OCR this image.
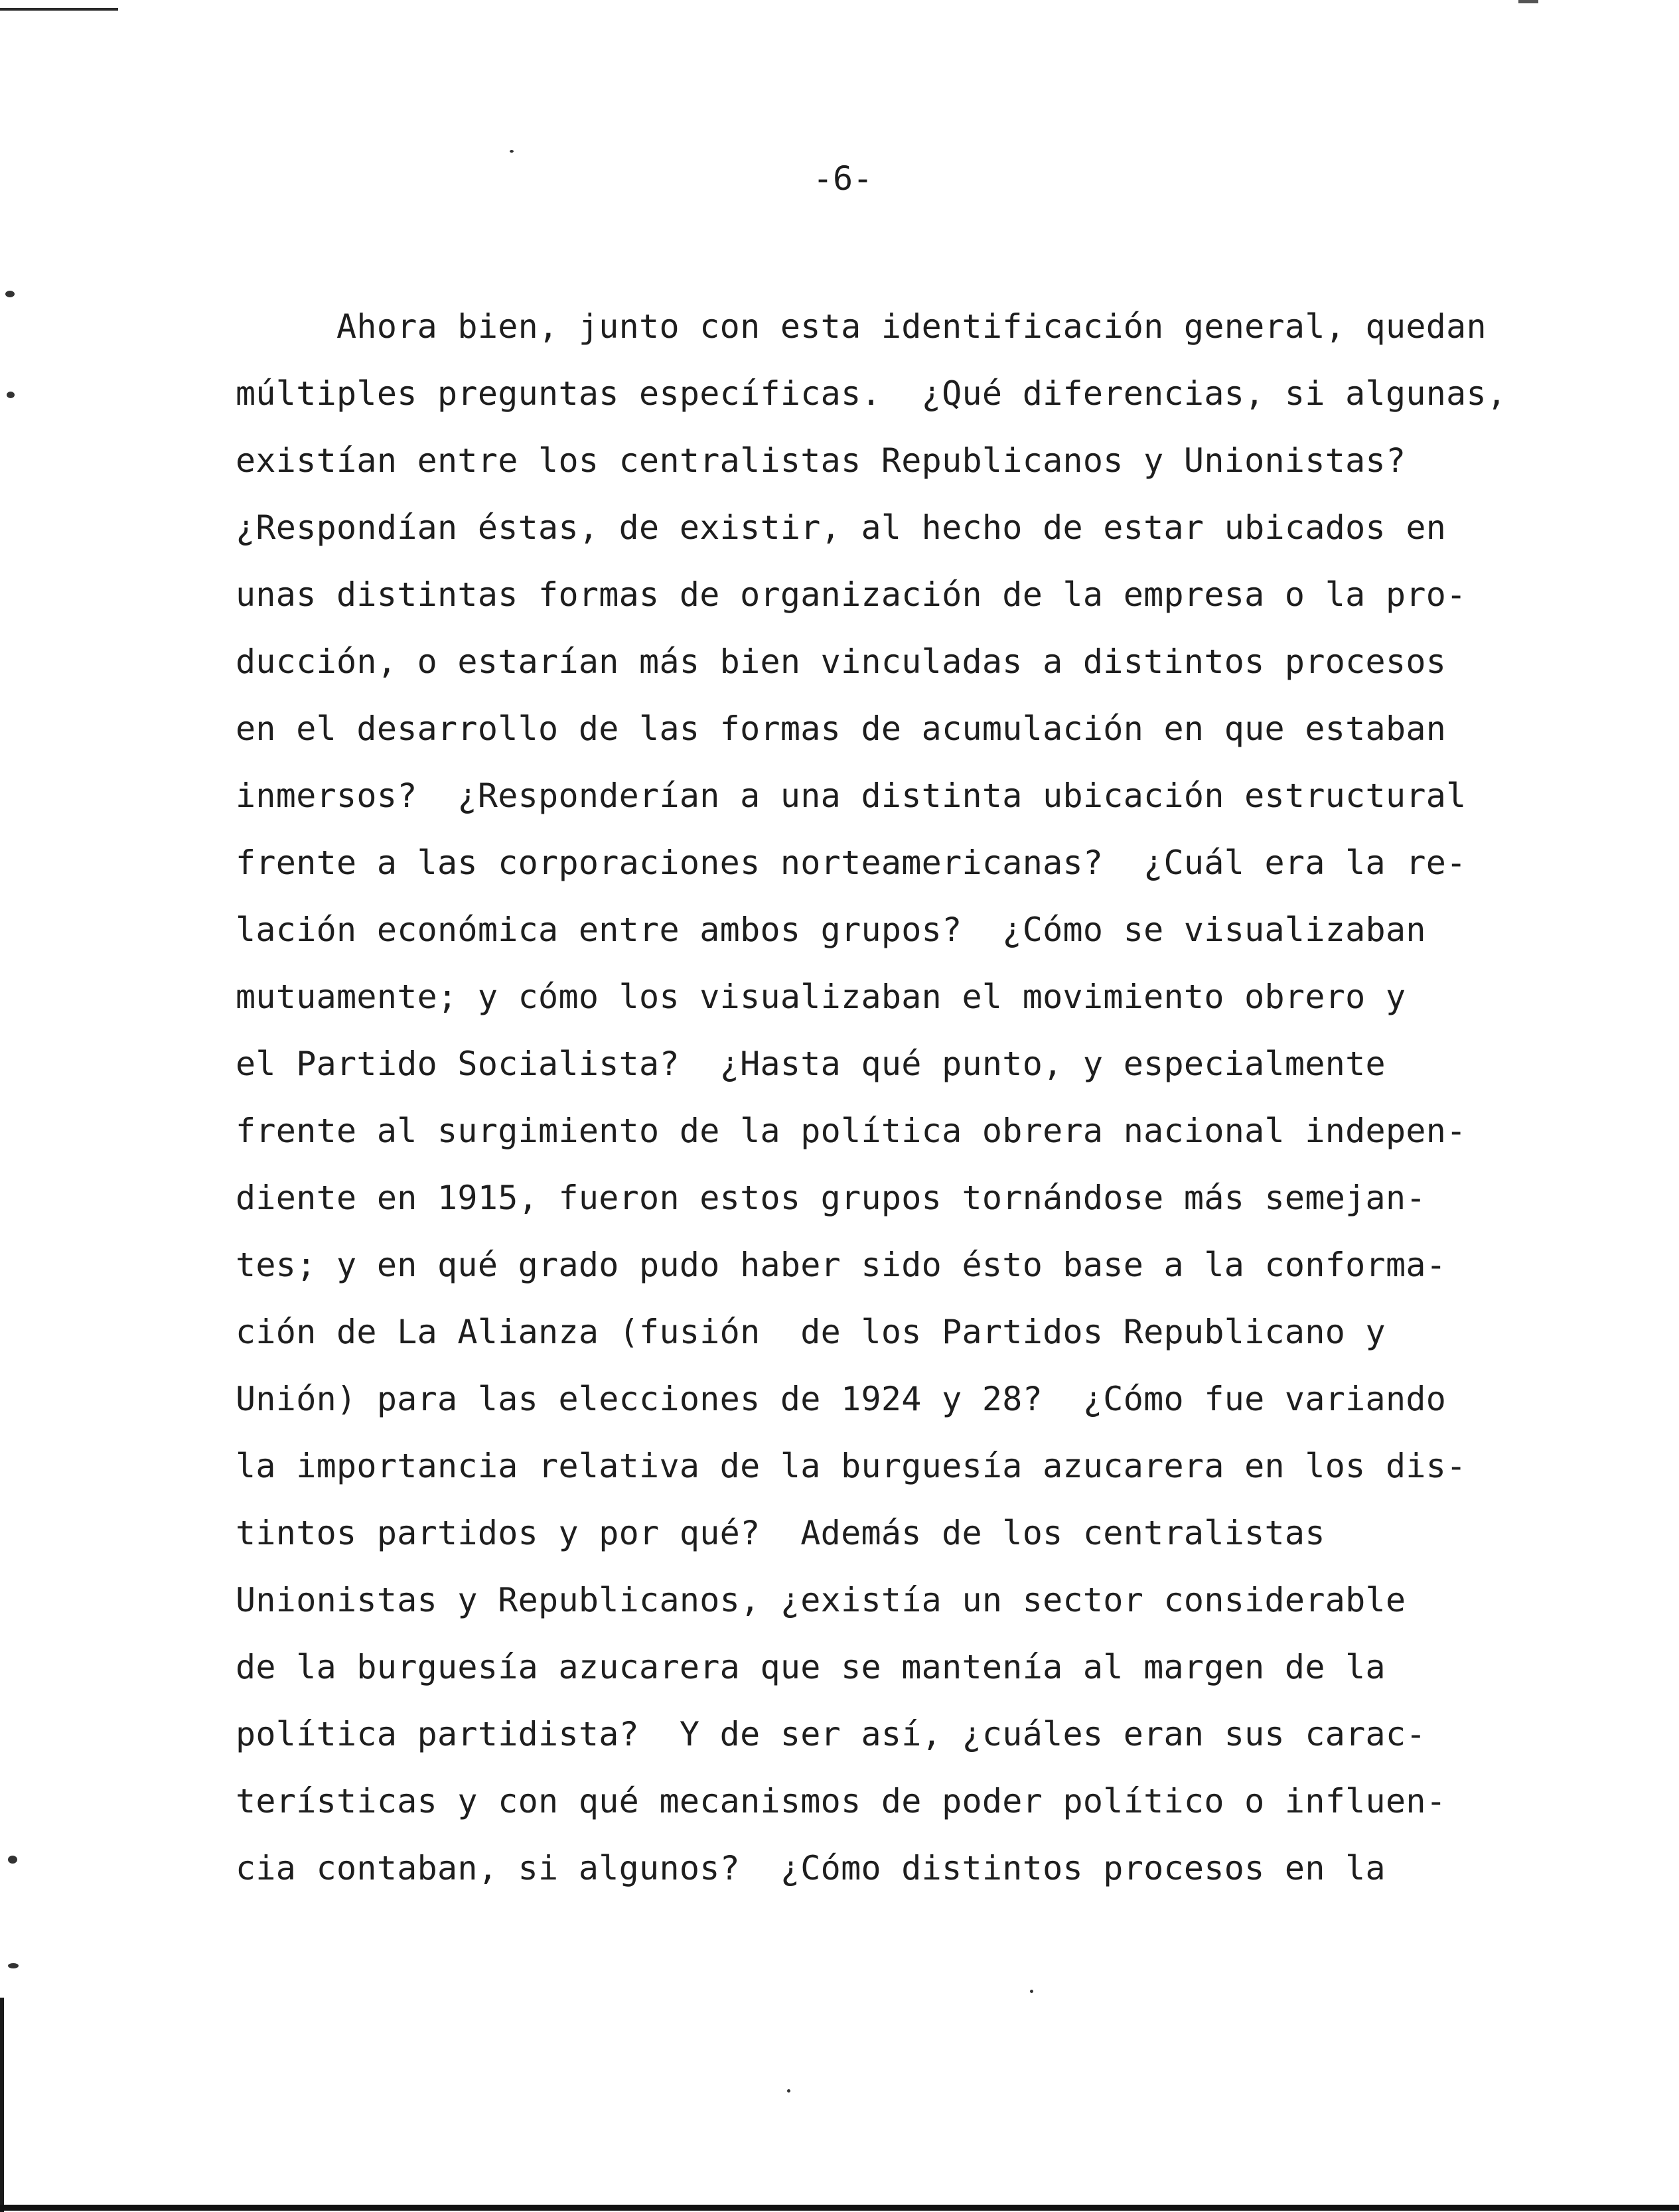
-6-

Ahora bien, junto con esta identificación general, quedan
múltiples preguntas específicas.  ¿Qué diferencias, si algunas,
existían entre los centralistas Republicanos y Unionistas?
¿Respondían éstas, de existir, al hecho de estar ubicados en
unas distintas formas de organización de la empresa o la pro-
ducción, o estarían más bien vinculadas a distintos procesos
en el desarrollo de las formas de acumulación en que estaban
inmersos?  ¿Responderían a una distinta ubicación estructural
frente a las corporaciones norteamericanas?  ¿Cuál era la re-
lación económica entre ambos grupos?  ¿Cómo se visualizaban
mutuamente; y cómo los visualizaban el movimiento obrero y
el Partido Socialista?  ¿Hasta qué punto, y especialmente
frente al surgimiento de la política obrera nacional indepen-
diente en 1915, fueron estos grupos tornándose más semejan-
tes; y en qué grado pudo haber sido ésto base a la conforma-
ción de La Alianza (fusión  de los Partidos Republicano y
Unión) para las elecciones de 1924 y 28?  ¿Cómo fue variando
la importancia relativa de la burguesía azucarera en los dis-
tintos partidos y por qué?  Además de los centralistas
Unionistas y Republicanos, ¿existía un sector considerable
de la burguesía azucarera que se mantenía al margen de la
política partidista?  Y de ser así, ¿cuáles eran sus carac-
terísticas y con qué mecanismos de poder político o influen-
cia contaban, si algunos?  ¿Cómo distintos procesos en la
